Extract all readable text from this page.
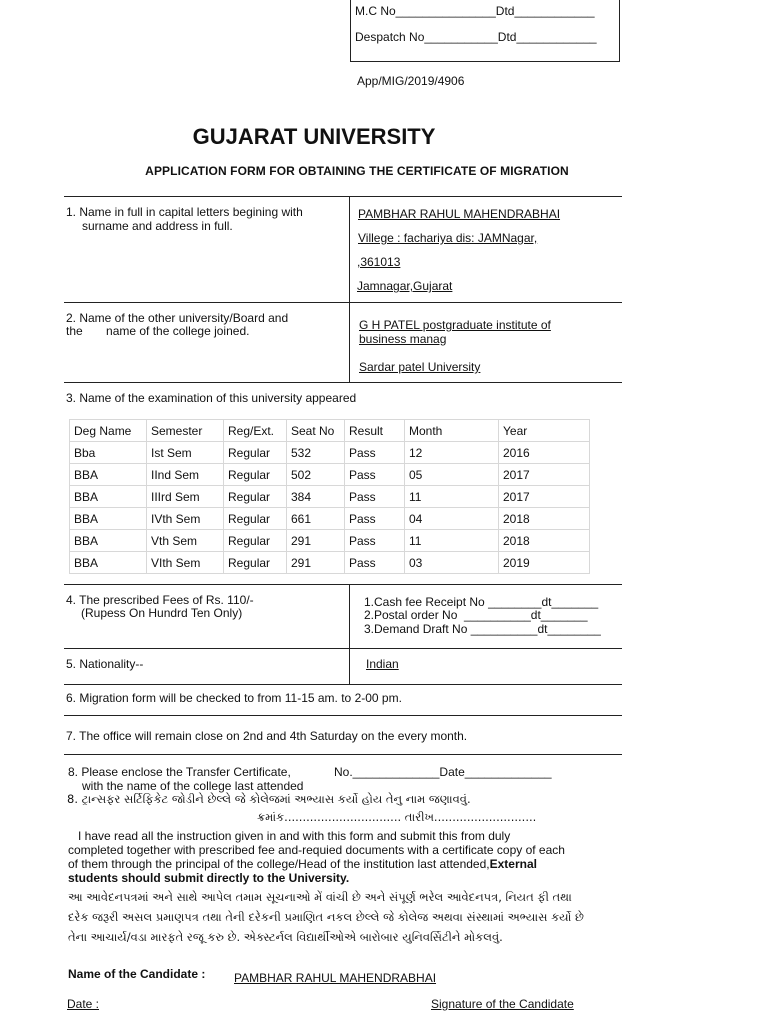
M.C No_______________Dtd____________
Despatch No___________Dtd____________
App/MIG/2019/4906
GUJARAT UNIVERSITY
APPLICATION FORM FOR OBTAINING THE CERTIFICATE OF MIGRATION
1. Name in full in capital letters begining with
surname and address in full.
PAMBHAR RAHUL MAHENDRABHAI
Villege : fachariya dis: JAMNagar,
,361013
Jamnagar,Gujarat
2. Name of the other university/Board and
the       name of the college joined.	G H PATEL postgraduate institute of
business manag
Sardar patel University
3. Name of the examination of this university appeared
Deg Name	Semester	Reg/Ext.	Seat No	Result	Month	Year
Bba	Ist Sem	Regular	532	Pass	12	2016
BBA	IInd Sem	Regular	502	Pass	05	2017
BBA	IIIrd Sem	Regular	384	Pass	11	2017
BBA	IVth Sem	Regular	661	Pass	04	2018
BBA	Vth Sem	Regular	291	Pass	11	2018
BBA	VIth Sem	Regular	291	Pass	03	2019
4. The prescribed Fees of Rs. 110/-
(Rupess On Hundrd Ten Only)
1.Cash fee Receipt No ________dt_______
2.Postal order No  __________dt_______
3.Demand Draft No __________dt________
5. Nationality--	Indian
6. Migration form will be checked to from 11-15 am. to 2-00 pm.
7. The office will remain close on 2nd and 4th Saturday on the every month.
8. Please enclose the Transfer Certificate,	No._____________Date_____________
with the name of the college last attended
8. ટ્રાન્સફર સર્ટિફિકેટ જોડીને છેલ્લે જે કોલેજમાં અભ્યાસ કર્યો હોય તેનુ નામ જણાવવું.
ક્રમાંક................................ તારીખ............................
I have read all the instruction given in and with this form and submit this from duly
completed together with prescribed fee and-requied documents with a certificate copy of each
of them through the principal of the college/Head of the institution last attended,External
students should submit directly to the University.
આ આવેદનપત્રમાં અને સાથે આપેલ તમામ સૂચનાઓ મેં વાંચી છે અને સંપૂર્ણ ભરેલ આવેદનપત્ર, નિયત ફી તથા
દરેક જરૂરી અસલ પ્રમાણપત્ર તથા તેની દરેકની પ્રમાણિત નકલ છેલ્લે જે કોલેજ અથવા સંસ્થામાં અભ્યાસ કર્યો છે
તેના આચાર્ય/વડા મારફતે રજૂ કરુ છે. એક્સ્ટર્નલ વિદ્યાર્થીઓએ બારોબાર યુનિવર્સિટીને મોકલવું.
Name of the Candidate : PAMBHAR RAHUL MAHENDRABHAI
Date :	Signature of the Candidate
